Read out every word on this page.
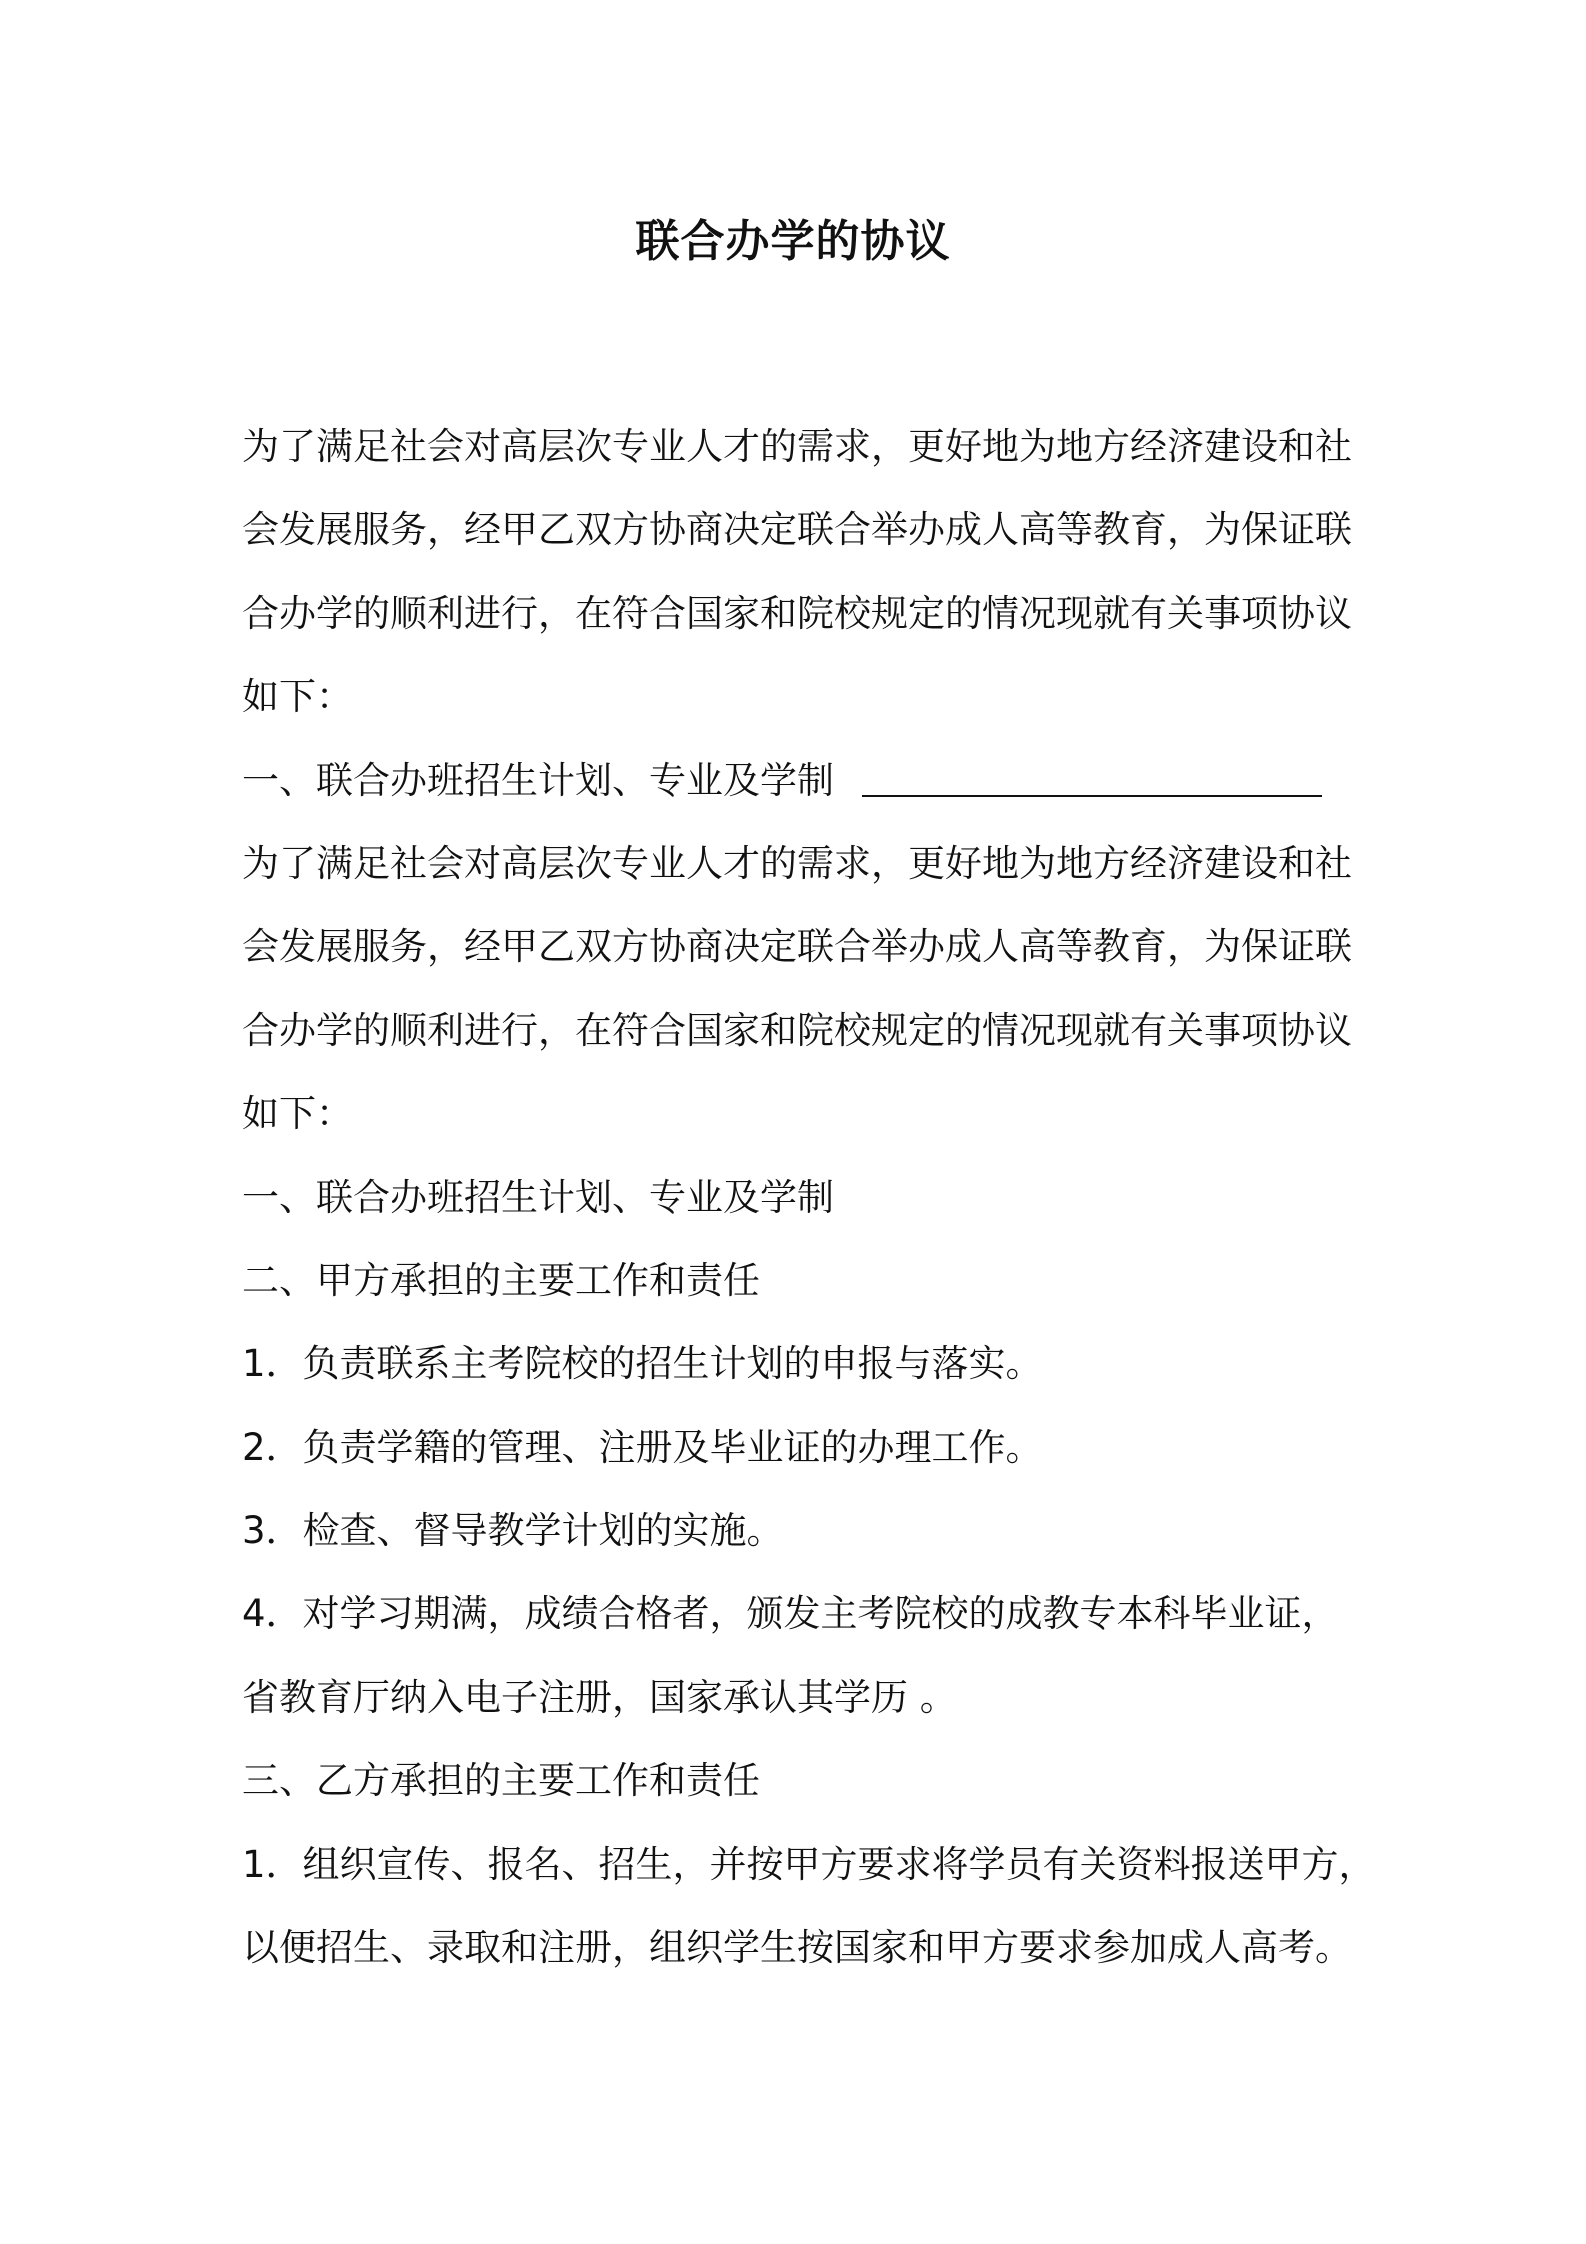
联合办学的协议
为了满足社会对高层次专业人才的需求，更好地为地方经济建设和社
会发展服务，经甲乙双方协商决定联合举办成人高等教育，为保证联
合办学的顺利进行，在符合国家和院校规定的情况现就有关事项协议
如下：
一、联合办班招生计划、专业及学制
为了满足社会对高层次专业人才的需求，更好地为地方经济建设和社
会发展服务，经甲乙双方协商决定联合举办成人高等教育，为保证联
合办学的顺利进行，在符合国家和院校规定的情况现就有关事项协议
如下：
一、联合办班招生计划、专业及学制
二、甲方承担的主要工作和责任
1．负责联系主考院校的招生计划的申报与落实。
2．负责学籍的管理、注册及毕业证的办理工作。
3．检查、督导教学计划的实施。
4．对学习期满，成绩合格者，颁发主考院校的成教专本科毕业证，
省教育厅纳入电子注册，国家承认其学历 。
三、乙方承担的主要工作和责任
1．组织宣传、报名、招生，并按甲方要求将学员有关资料报送甲方，
以便招生、录取和注册，组织学生按国家和甲方要求参加成人高考。
